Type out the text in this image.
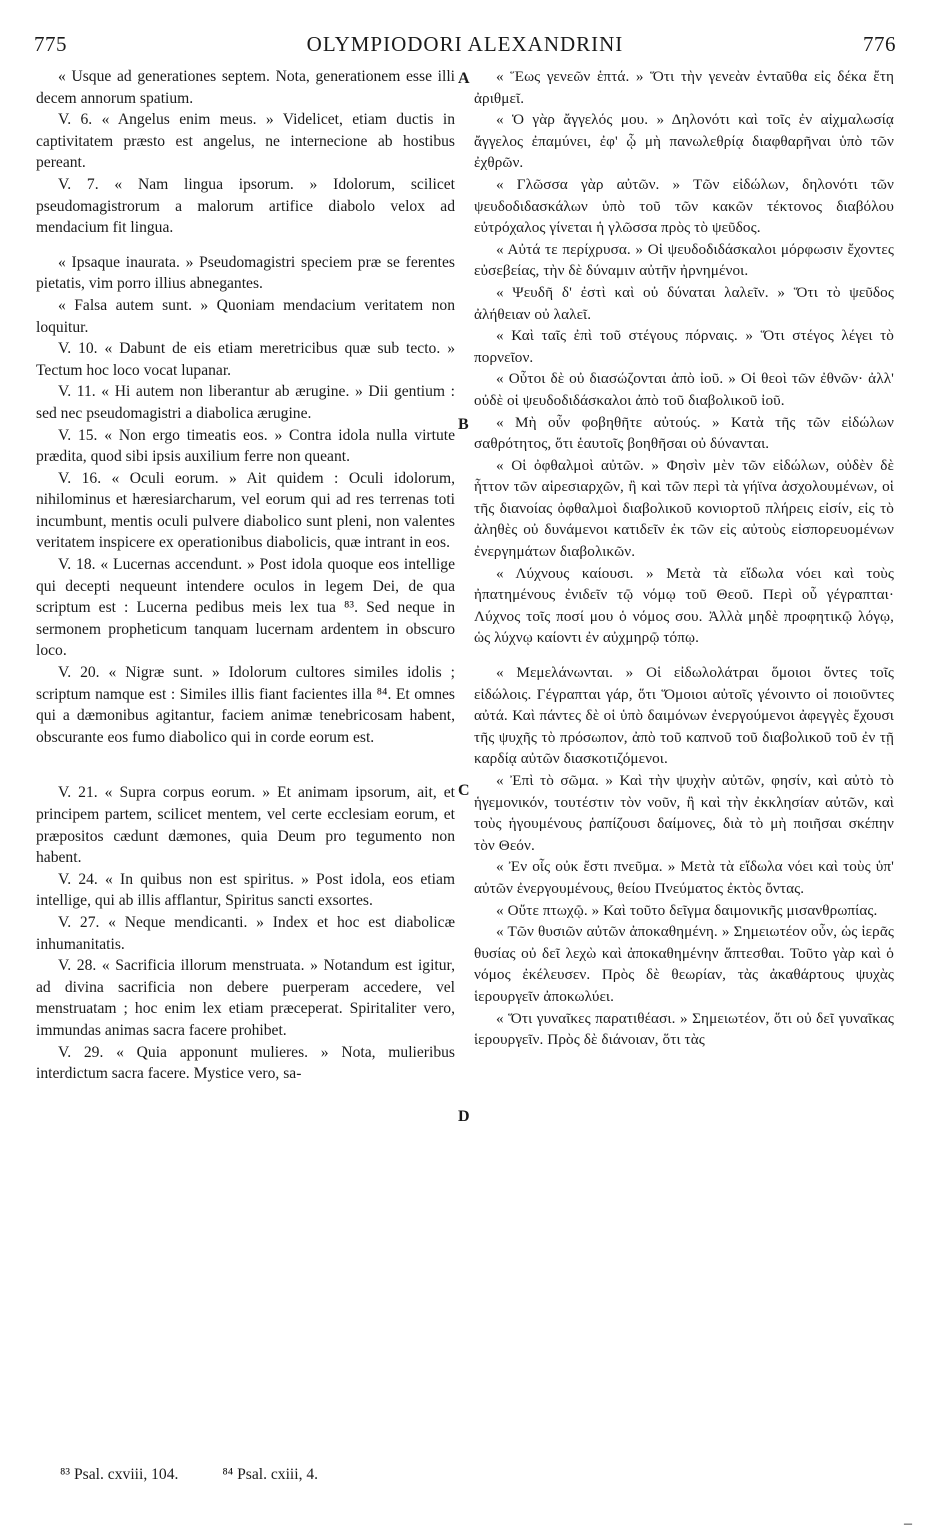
775	OLYMPIODORI ALEXANDRINI	776
A
B
C
D

« Usque ad generationes septem. Nota, generationem esse illi decem annorum spatium.

V. 6. « Angelus enim meus. » Videlicet, etiam ductis in captivitatem præsto est angelus, ne internecione ab hostibus pereant.

V. 7. « Nam lingua ipsorum. » Idolorum, scilicet pseudomagistrorum a malorum artifice diabolo velox ad mendacium fit lingua.

« Ipsaque inaurata. » Pseudomagistri speciem præ se ferentes pietatis, vim porro illius abnegantes.

« Falsa autem sunt. » Quoniam mendacium veritatem non loquitur.

V. 10. « Dabunt de eis etiam meretricibus quæ sub tecto. » Tectum hoc loco vocat lupanar.

V. 11. « Hi autem non liberantur ab ærugine. » Dii gentium : sed nec pseudomagistri a diabolica ærugine.

V. 15. « Non ergo timeatis eos. » Contra idola nulla virtute prædita, quod sibi ipsis auxilium ferre non queant.

V. 16. « Oculi eorum. » Ait quidem : Oculi idolorum, nihilominus et hæresiarcharum, vel eorum qui ad res terrenas toti incumbunt, mentis oculi pulvere diabolico sunt pleni, non valentes veritatem inspicere ex operationibus diabolicis, quæ intrant in eos.

V. 18. « Lucernas accendunt. » Post idola quoque eos intellige qui decepti nequeunt intendere oculos in legem Dei, de qua scriptum est : Lucerna pedibus meis lex tua ⁸³. Sed neque in sermonem propheticum tanquam lucernam ardentem in obscuro loco.

V. 20. « Nigræ sunt. » Idolorum cultores similes idolis ; scriptum namque est : Similes illis fiant facientes illa ⁸⁴. Et omnes qui a dæmonibus agitantur, faciem animæ tenebricosam habent, obscurante eos fumo diabolico qui in corde eorum est.

V. 21. « Supra corpus eorum. » Et animam ipsorum, ait, et principem partem, scilicet mentem, vel certe ecclesiam eorum, et præpositos cædunt dæmones, quia Deum pro tegumento non habent.

V. 24. « In quibus non est spiritus. » Post idola, eos etiam intellige, qui ab illis afflantur, Spiritus sancti exsortes.

V. 27. « Neque mendicanti. » Index et hoc est diabolicæ inhumanitatis.

V. 28. « Sacrificia illorum menstruata. » Notandum est igitur, ad divina sacrificia non debere puerperam accedere, vel menstruatam ; hoc enim lex etiam præceperat. Spiritaliter vero, immundas animas sacra facere prohibet.

V. 29. « Quia apponunt mulieres. » Nota, mulieribus interdictum sacra facere. Mystice vero, sa-

« Ἕως γενεῶν ἑπτά. » Ὅτι τὴν γενεὰν ἐνταῦθα εἰς δέκα ἔτη ἀριθμεῖ.

« Ὁ γὰρ ἄγγελός μου. » Δηλονότι καὶ τοῖς ἐν αἰχμαλωσίᾳ ἄγγελος ἐπαμύνει, ἐφ' ᾧ μὴ πανωλεθρίᾳ διαφθαρῆναι ὑπὸ τῶν ἐχθρῶν.

« Γλῶσσα γὰρ αὐτῶν. » Τῶν εἰδώλων, δηλονότι τῶν ψευδοδιδασκάλων ὑπὸ τοῦ τῶν κακῶν τέκτονος διαβόλου εὐτρόχαλος γίνεται ἡ γλῶσσα πρὸς τὸ ψεῦδος.

« Αὐτά τε περίχρυσα. » Οἱ ψευδοδιδάσκαλοι μόρφωσιν ἔχοντες εὐσεβείας, τὴν δὲ δύναμιν αὐτῆν ἠρνημένοι.

« Ψευδῆ δ' ἐστὶ καὶ οὐ δύναται λαλεῖν. » Ὅτι τὸ ψεῦδος ἀλήθειαν οὐ λαλεῖ.

« Καὶ ταῖς ἐπὶ τοῦ στέγους πόρναις. » Ὅτι στέγος λέγει τὸ πορνεῖον.

« Οὗτοι δὲ οὐ διασώζονται ἀπὸ ἰοῦ. » Οἱ θεοὶ τῶν ἐθνῶν· ἀλλ' οὐδὲ οἱ ψευδοδιδάσκαλοι ἀπὸ τοῦ διαβολικοῦ ἰοῦ.

« Μὴ οὖν φοβηθῆτε αὐτούς. » Κατὰ τῆς τῶν εἰδώλων σαθρότητος, ὅτι ἑαυτοῖς βοηθῆσαι οὐ δύνανται.

« Οἱ ὀφθαλμοὶ αὐτῶν. » Φησὶν μὲν τῶν εἰδώλων, οὐδὲν δὲ ἧττον τῶν αἱρεσιαρχῶν, ἢ καὶ τῶν περὶ τὰ γήϊνα ἀσχολουμένων, οἱ τῆς διανοίας ὀφθαλμοὶ διαβολικοῦ κονιορτοῦ πλήρεις εἰσίν, εἰς τὸ ἀληθὲς οὐ δυνάμενοι κατιδεῖν ἐκ τῶν εἰς αὐτοὺς εἰσπορευομένων ἐνεργημάτων διαβολικῶν.

« Λύχνους καίουσι. » Μετὰ τὰ εἴδωλα νόει καὶ τοὺς ἠπατημένους ἐνιδεῖν τῷ νόμῳ τοῦ Θεοῦ. Περὶ οὗ γέγραπται· Λύχνος τοῖς ποσί μου ὁ νόμος σου. Ἀλλὰ μηδὲ προφητικῷ λόγῳ, ὡς λύχνῳ καίοντι ἐν αὐχμηρῷ τόπῳ.

« Μεμελάνωνται. » Οἱ εἰδωλολάτραι ὅμοιοι ὄντες τοῖς εἰδώλοις. Γέγραπται γάρ, ὅτι Ὅμοιοι αὐτοῖς γένοιντο οἱ ποιοῦντες αὐτά. Καὶ πάντες δὲ οἱ ὑπὸ δαιμόνων ἐνεργούμενοι ἀφεγγὲς ἔχουσι τῆς ψυχῆς τὸ πρόσωπον, ἀπὸ τοῦ καπνοῦ τοῦ διαβολικοῦ τοῦ ἐν τῇ καρδίᾳ αὐτῶν διασκοτιζόμενοι.

« Ἐπὶ τὸ σῶμα. » Καὶ τὴν ψυχὴν αὐτῶν, φησίν, καὶ αὐτὸ τὸ ἡγεμονικόν, τουτέστιν τὸν νοῦν, ἢ καὶ τὴν ἐκκλησίαν αὐτῶν, καὶ τοὺς ἡγουμένους ῥαπίζουσι δαίμονες, διὰ τὸ μὴ ποιῆσαι σκέπην τὸν Θεόν.

« Ἐν οἷς οὐκ ἔστι πνεῦμα. » Μετὰ τὰ εἴδωλα νόει καὶ τοὺς ὑπ' αὐτῶν ἐνεργουμένους, θείου Πνεύματος ἐκτὸς ὄντας.

« Οὔτε πτωχῷ. » Καὶ τοῦτο δεῖγμα δαιμονικῆς μισανθρωπίας.

« Τῶν θυσιῶν αὐτῶν ἀποκαθημένη. » Σημειωτέον οὖν, ὡς ἱερᾶς θυσίας οὐ δεῖ λεχὼ καὶ ἀποκαθημένην ἅπτεσθαι. Τοῦτο γὰρ καὶ ὁ νόμος ἐκέλευσεν. Πρὸς δὲ θεωρίαν, τὰς ἀκαθάρτους ψυχὰς ἱερουργεῖν ἀποκωλύει.

« Ὅτι γυναῖκες παρατιθέασι. » Σημειωτέον, ὅτι οὐ δεῖ γυναῖκας ἱερουργεῖν. Πρὸς δὲ διάνοιαν, ὅτι τὰς

⁸³ Psal. cxviii, 104.	⁸⁴ Psal. cxiii, 4.
–
